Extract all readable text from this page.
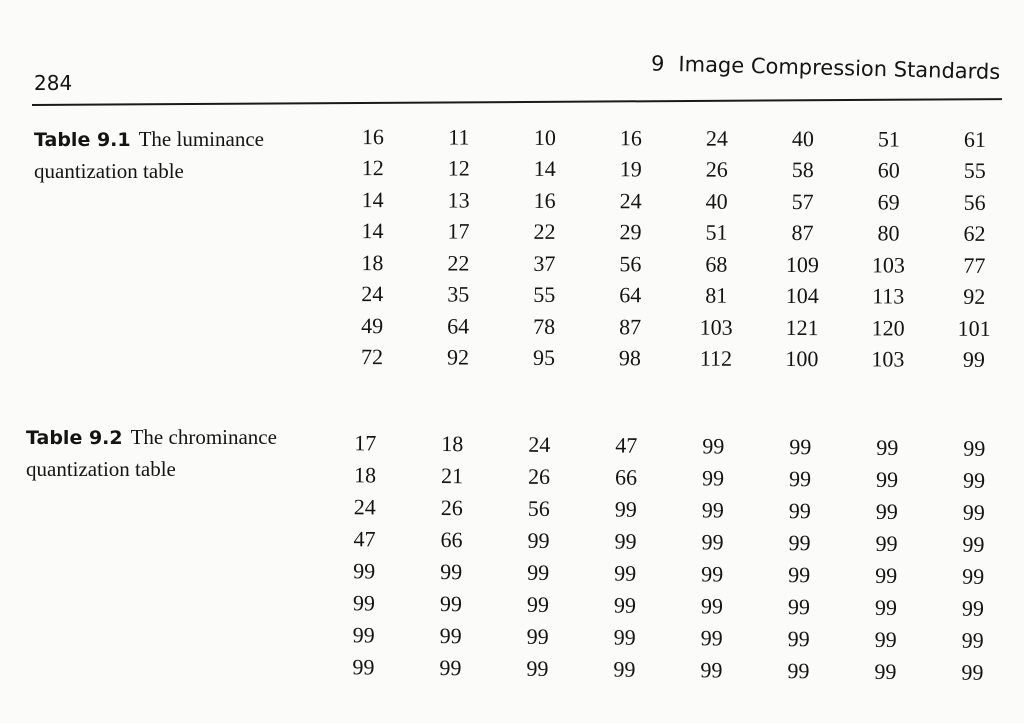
284
9 Image Compression Standards
Table 9.1 The luminance quantization table
16	11	10	16	24	40	51	61
12	12	14	19	26	58	60	55
14	13	16	24	40	57	69	56
14	17	22	29	51	87	80	62
18	22	37	56	68	109	103	77
24	35	55	64	81	104	113	92
49	64	78	87	103	121	120	101
72	92	95	98	112	100	103	99
Table 9.2 The chrominance quantization table
17	18	24	47	99	99	99	99
18	21	26	66	99	99	99	99
24	26	56	99	99	99	99	99
47	66	99	99	99	99	99	99
99	99	99	99	99	99	99	99
99	99	99	99	99	99	99	99
99	99	99	99	99	99	99	99
99	99	99	99	99	99	99	99
